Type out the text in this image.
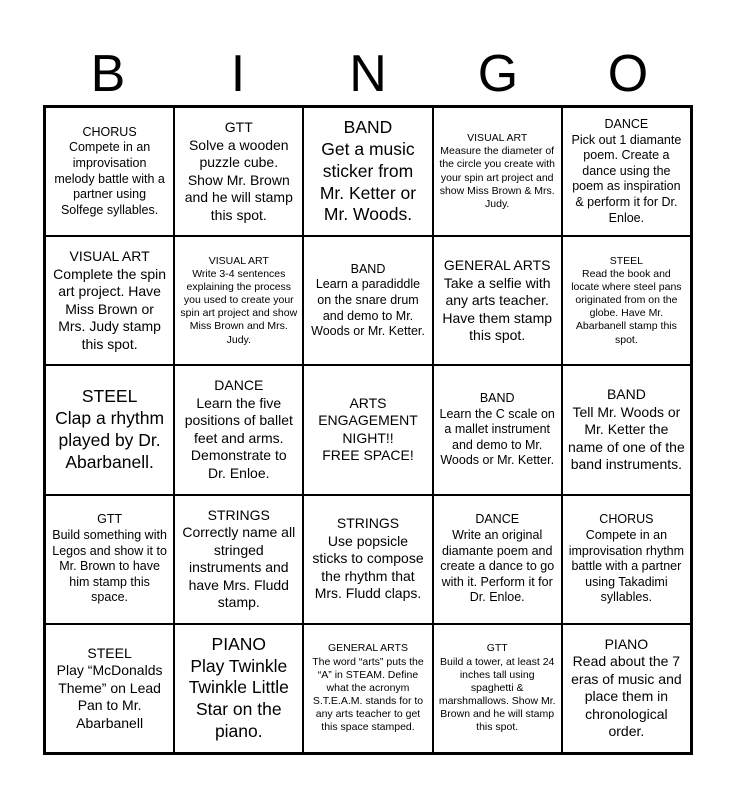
B	I	N	G	O
CHORUS
Compete in an improvisation melody battle with a partner using Solfege syllables.
GTT
Solve a wooden puzzle cube. Show Mr. Brown and he will stamp this spot.
BAND
Get a music sticker from Mr. Ketter or Mr. Woods.
VISUAL ART
Measure the diameter of the circle you create with your spin art project and show Miss Brown & Mrs. Judy.
DANCE
Pick out 1 diamante poem. Create a dance using the poem as inspiration & perform it for Dr. Enloe.
VISUAL ART
Complete the spin art project. Have Miss Brown or Mrs. Judy stamp this spot.
VISUAL ART
Write 3-4 sentences explaining the process you used to create your spin art project and show Miss Brown and Mrs. Judy.
BAND
Learn a paradiddle on the snare drum and demo to Mr. Woods or Mr. Ketter.
GENERAL ARTS
Take a selfie with any arts teacher. Have them stamp this spot.
STEEL
Read the book and locate where steel pans originated from on the globe. Have Mr. Abarbanell stamp this spot.
STEEL
Clap a rhythm played by Dr. Abarbanell.
DANCE
Learn the five positions of ballet feet and arms. Demonstrate to Dr. Enloe.
ARTS ENGAGEMENT NIGHT!!
FREE SPACE!
BAND
Learn the C scale on a mallet instrument and demo to Mr. Woods or Mr. Ketter.
BAND
Tell Mr. Woods or Mr. Ketter the name of one of the band instruments.
GTT
Build something with Legos and show it to Mr. Brown to have him stamp this space.
STRINGS
Correctly name all stringed instruments and have Mrs. Fludd stamp.
STRINGS
Use popsicle sticks to compose the rhythm that Mrs. Fludd claps.
DANCE
Write an original diamante poem and create a dance to go with it. Perform it for Dr. Enloe.
CHORUS
Compete in an improvisation rhythm battle with a partner using Takadimi syllables.
STEEL
Play “McDonalds Theme” on Lead Pan to Mr. Abarbanell
PIANO
Play Twinkle Twinkle Little Star on the piano.
GENERAL ARTS
The word “arts” puts the “A” in STEAM. Define what the acronym S.T.E.A.M. stands for to any arts teacher to get this space stamped.
GTT
Build a tower, at least 24 inches tall using spaghetti & marshmallows. Show Mr. Brown and he will stamp this spot.
PIANO
Read about the 7 eras of music and place them in chronological order.
